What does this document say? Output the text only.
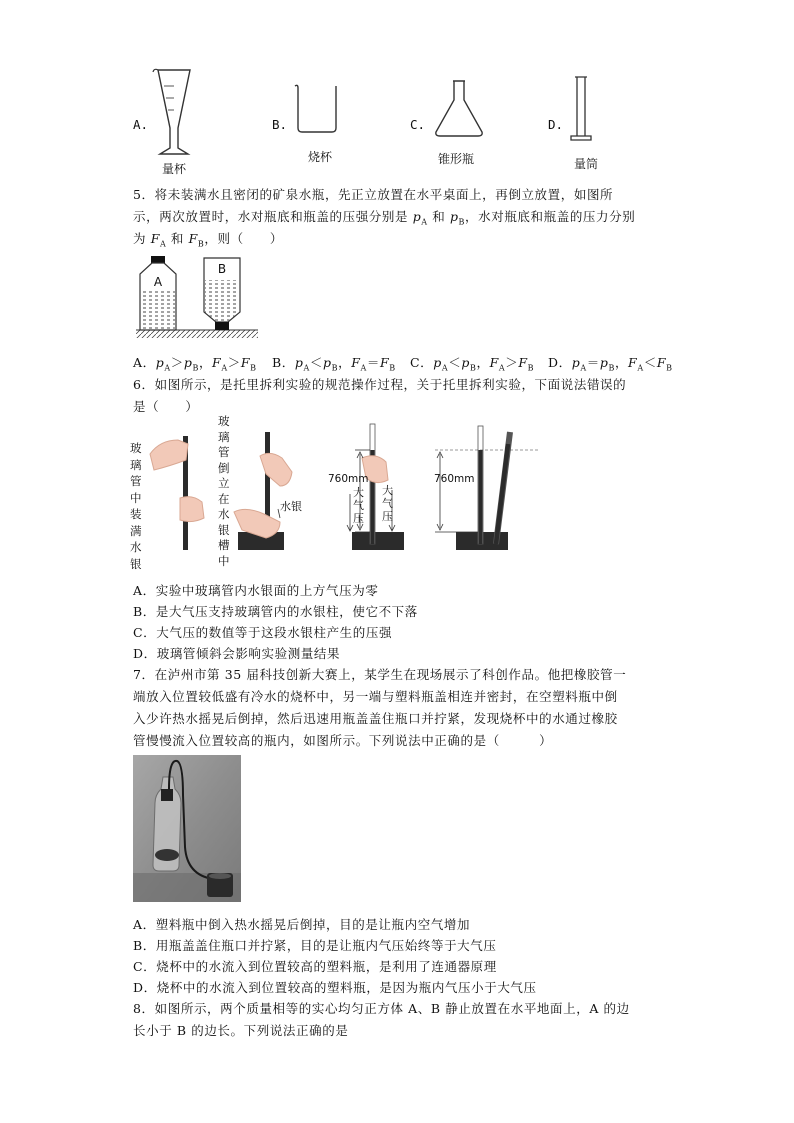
A.
量杯
B.
烧杯
C.
锥形瓶
D.
量筒
5．将未装满水且密闭的矿泉水瓶，先正立放置在水平桌面上，再倒立放置，如图所
示，两次放置时，水对瓶底和瓶盖的压强分别是 $p_A$ 和 $p_B$，水对瓶底和瓶盖的压力分别
为 $F_A$ 和 $F_B$，则（　　）
A
B
A．$p_A>p_B$，$F_A>F_B$ B．$p_A<p_B$，$F_A=F_B$ C．$p_A<p_B$，$F_A>F_B$ D．$p_A=p_B$，$F_A<F_B$
6．如图所示，是托里拆利实验的规范操作过程，关于托里拆利实验，下面说法错误的
是（　　）
玻璃管中装满水银
玻璃管倒立在水银槽中
水银
760mm	760mm
大气压
大气压
A．实验中玻璃管内水银面的上方气压为零
B．是大气压支持玻璃管内的水银柱，使它不下落
C．大气压的数值等于这段水银柱产生的压强
D．玻璃管倾斜会影响实验测量结果
7．在泸州市第 35 届科技创新大赛上，某学生在现场展示了科创作品。他把橡胶管一
端放入位置较低盛有冷水的烧杯中，另一端与塑料瓶盖相连并密封，在空塑料瓶中倒
入少许热水摇晃后倒掉，然后迅速用瓶盖盖住瓶口并拧紧，发现烧杯中的水通过橡胶
管慢慢流入位置较高的瓶内，如图所示。下列说法中正确的是（　　　）
A．塑料瓶中倒入热水摇晃后倒掉，目的是让瓶内空气增加
B．用瓶盖盖住瓶口并拧紧，目的是让瓶内气压始终等于大气压
C．烧杯中的水流入到位置较高的塑料瓶，是利用了连通器原理
D．烧杯中的水流入到位置较高的塑料瓶，是因为瓶内气压小于大气压
8．如图所示，两个质量相等的实心均匀正方体 A、B 静止放置在水平地面上，A 的边
长小于 B 的边长。下列说法正确的是
